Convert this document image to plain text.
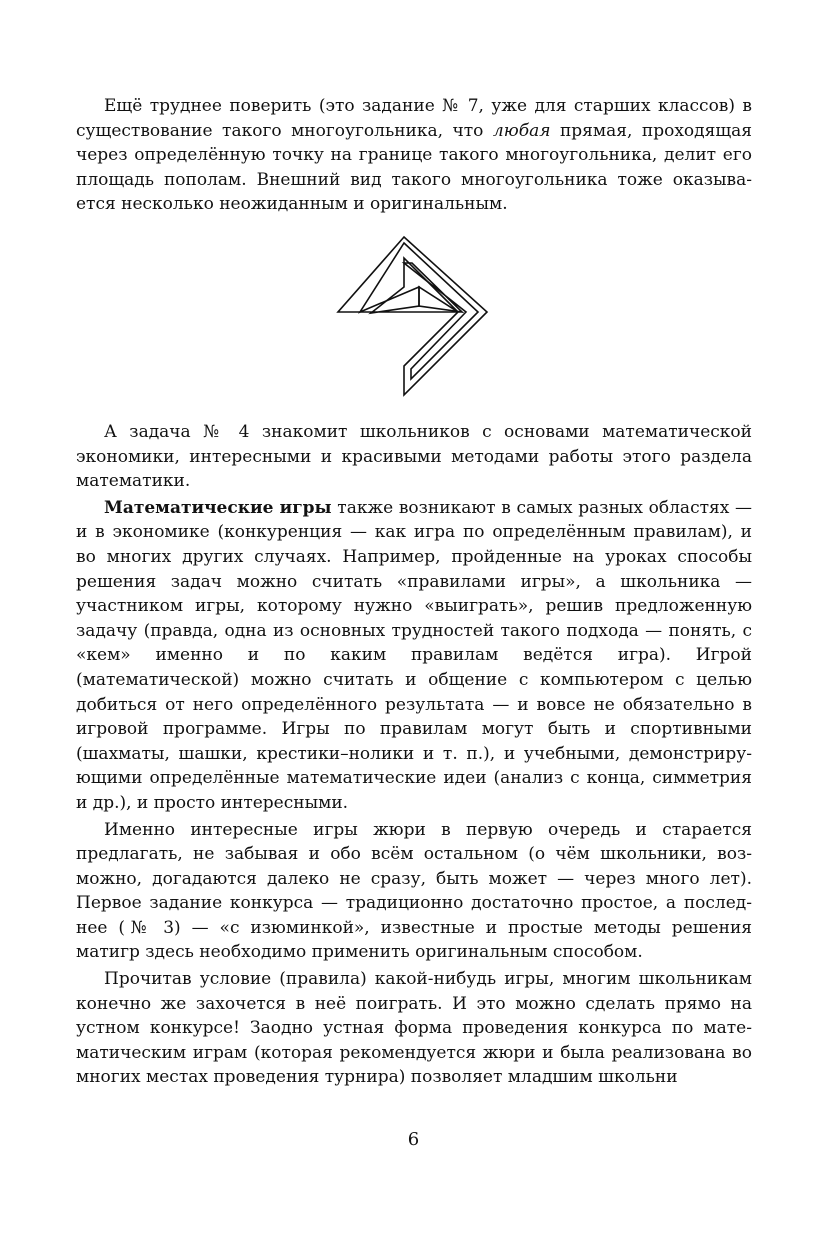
Ещё труднее поверить (это задание № 7, уже для старших классов) в существование такого многоугольника, что любая прямая, проходящая через определённую точку на границе такого многоугольника, делит его площадь пополам. Внешний вид такого многоугольника тоже оказывается несколько неожиданным и оригинальным.

А задача № 4 знакомит школьников с основами математической экономики, интересными и красивыми методами работы этого раздела математики.

Математические игры также возникают в самых разных областях — и в экономике (конкуренция — как игра по определённым правилам), и во многих других случаях. Например, пройденные на уроках способы решения задач можно считать «правилами игры», а школьника — участником игры, которому нужно «выиграть», решив предложенную задачу (правда, одна из основных трудностей такого подхода — понять, с «кем» именно и по каким правилам ведётся игра). Игрой (математической) можно считать и общение с компьютером с целью добиться от него определённого результата — и вовсе не обязательно в игровой программе. Игры по правилам могут быть и спортивными (шахматы, шашки, крестики–нолики и т. п.), и учебными, демонстрирующими определённые математические идеи (анализ с конца, симметрия и др.), и просто интересными.

Именно интересные игры жюри в первую очередь и старается предлагать, не забывая и обо всём остальном (о чём школьники, возможно, догадаются далеко не сразу, быть может — через много лет). Первое задание конкурса — традиционно достаточно простое, а последнее (№ 3) — «с изюминкой», известные и простые методы решения матигр здесь необходимо применить оригинальным способом.

Прочитав условие (правила) какой-нибудь игры, многим школьникам конечно же захочется в неё поиграть. И это можно сделать прямо на устном конкурсе! Заодно устная форма проведения конкурса по математическим играм (которая рекомендуется жюри и была реализована во многих местах проведения турнира) позволяет младшим школьни

6
